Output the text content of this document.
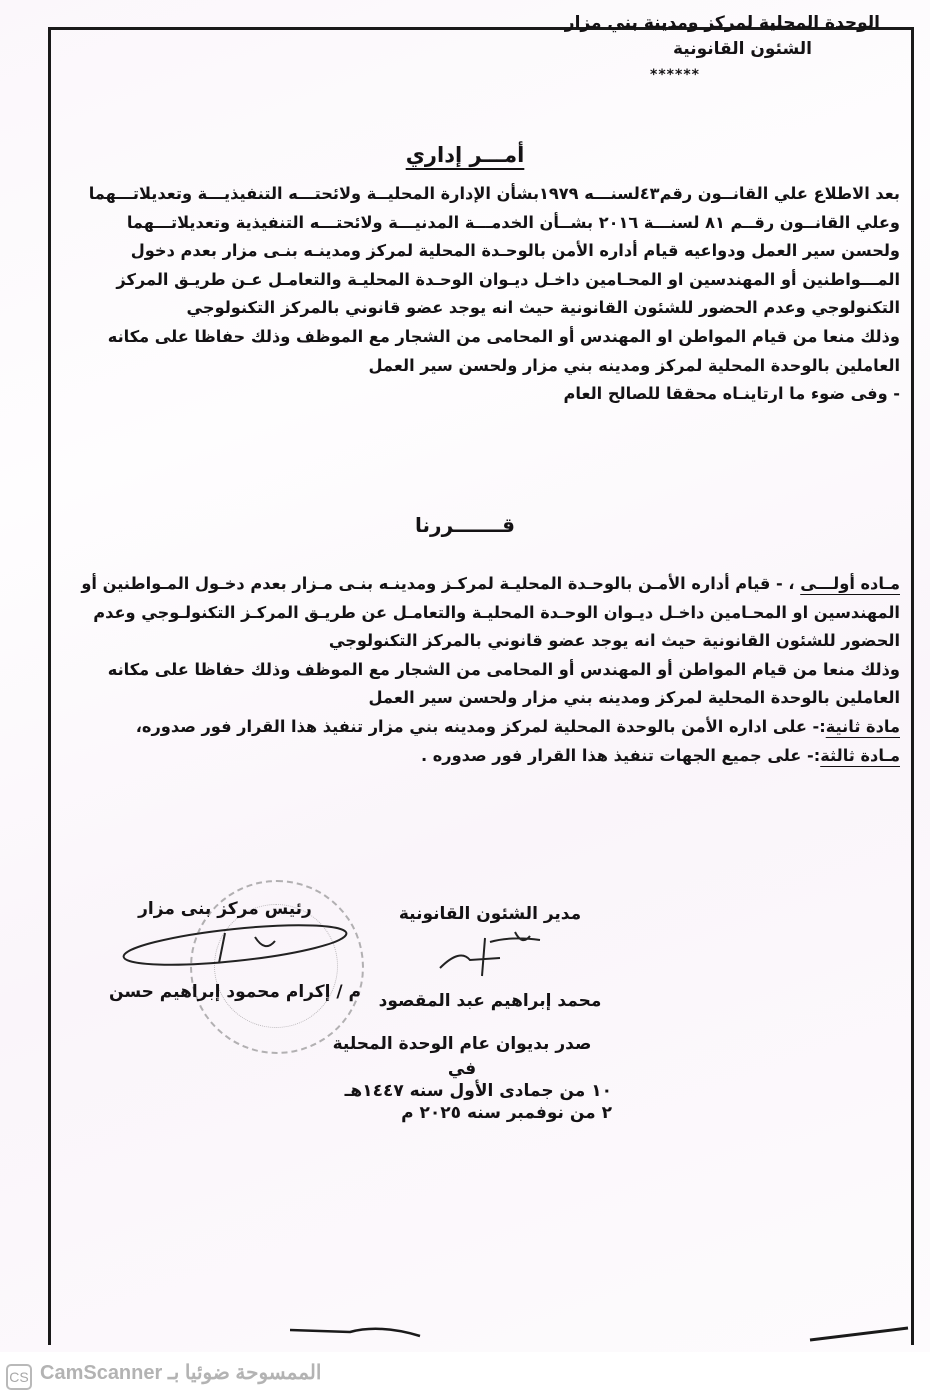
الوحدة المحلية لمركز ومدينة بني مزار
الشئون القانونية
******
أمـــر إداري

بعد الاطلاع علي القانــون رقم٤٣لسنـــه ١٩٧٩بشأن الإدارة المحليــة ولائحتـــه التنفيذيـــة وتعديلاتـــهما

وعلي القانــون رقــم ٨١ لسنـــة ٢٠١٦ بشــأن الخدمـــة المدنيـــة ولائحتـــه التنفيذية وتعديلاتـــهما

ولحسن سير العمل ودواعيه قيام أداره الأمن بالوحـدة المحلية لمركز ومدينـه بنـى مزار بعدم دخول

المـــواطنين أو المهندسين او المحـامين داخـل ديـوان الوحـدة المحليـة والتعامـل عـن طريـق المركز

التكنولوجي وعدم الحضور للشئون القانونية حيث انه يوجد عضو قانوني بالمركز التكنولوجي

وذلك منعا من قيام المواطن او المهندس أو المحامى من الشجار مع الموظف وذلك حفاظا على مكانه

العاملين بالوحدة المحلية لمركز ومدينه بني مزار ولحسن سير العمل

- وفى ضوء ما ارتاينـاه محققا للصالح العام

قـــــــررنا

مـاده أولـــى ، - قيام أداره الأمـن بالوحـدة المحليـة لمركـز ومدينـه بنـى مـزار بعدم دخـول المـواطنين أو

المهندسين او المحـامين داخـل ديـوان الوحـدة المحليـة والتعامـل عن طريـق المركـز التكنولـوجي وعدم

الحضور للشئون القانونية حيث انه يوجد عضو قانوني بالمركز التكنولوجي

وذلك منعا من قيام المواطن أو المهندس أو المحامى من الشجار مع الموظف وذلك حفاظا على مكانه

العاملين بالوحدة المحلية لمركز ومدينه بني مزار ولحسن سير العمل

مادة ثانية:- على اداره الأمن بالوحدة المحلية لمركز ومدينه بني مزار تنفيذ هذا القرار فور صدوره،

مـادة ثالثة:- على جميع الجهات تنفيذ هذا القرار فور صدوره .

مدير الشئون القانونية
محمد إبراهيم عبد المقصود
رئيس مركز بنى مزار
م / إكرام محمود إبراهيم حسن
صدر بديوان عام الوحدة المحلية
في
١٠ من جمادى الأول سنه ١٤٤٧هـ
٢ من نوفمبر سنه ٢٠٢٥ م
CS الممسوحة ضوئيا بـ CamScanner
